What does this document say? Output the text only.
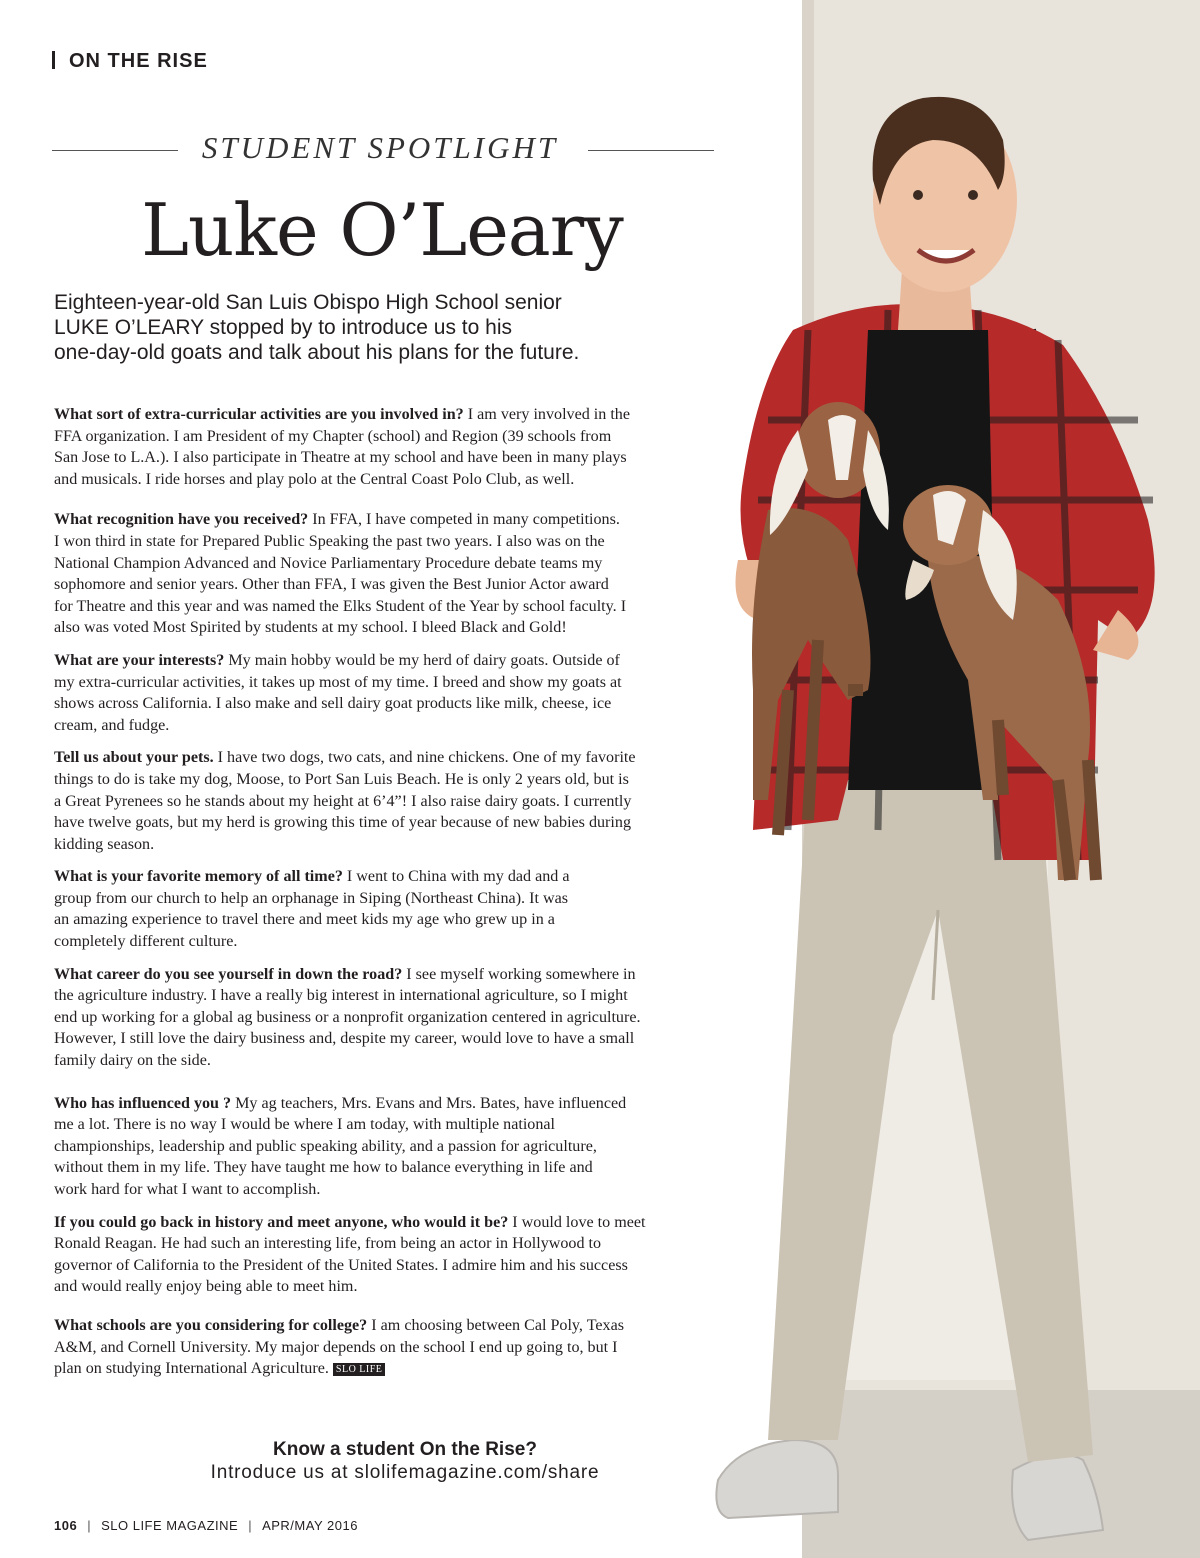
ON THE RISE
STUDENT SPOTLIGHT
Luke O’Leary
Eighteen-year-old San Luis Obispo High School senior
LUKE O’LEARY stopped by to introduce us to his
one-day-old goats and talk about his plans for the future.

What sort of extra-curricular activities are you involved in? I am very involved in the
FFA organization. I am President of my Chapter (school) and Region (39 schools from
San Jose to L.A.). I also participate in Theatre at my school and have been in many plays
and musicals. I ride horses and play polo at the Central Coast Polo Club, as well.

What recognition have you received? In FFA, I have competed in many competitions.
I won third in state for Prepared Public Speaking the past two years. I also was on the
National Champion Advanced and Novice Parliamentary Procedure debate teams my
sophomore and senior years. Other than FFA, I was given the Best Junior Actor award
for Theatre and this year and was named the Elks Student of the Year by school faculty. I
also was voted Most Spirited by students at my school. I bleed Black and Gold!

What are your interests? My main hobby would be my herd of dairy goats. Outside of
my extra-curricular activities, it takes up most of my time. I breed and show my goats at
shows across California. I also make and sell dairy goat products like milk, cheese, ice
cream, and fudge.

Tell us about your pets. I have two dogs, two cats, and nine chickens. One of my favorite
things to do is take my dog, Moose, to Port San Luis Beach. He is only 2 years old, but is
a Great Pyrenees so he stands about my height at 6’4”! I also raise dairy goats. I currently
have twelve goats, but my herd is growing this time of year because of new babies during
kidding season.

What is your favorite memory of all time? I went to China with my dad and a
group from our church to help an orphanage in Siping (Northeast China). It was
an amazing experience to travel there and meet kids my age who grew up in a
completely different culture.

What career do you see yourself in down the road? I see myself working somewhere in
the agriculture industry. I have a really big interest in international agriculture, so I might
end up working for a global ag business or a nonprofit organization centered in agriculture.
However, I still love the dairy business and, despite my career, would love to have a small
family dairy on the side.

Who has influenced you ? My ag teachers, Mrs. Evans and Mrs. Bates, have influenced
me a lot. There is no way I would be where I am today, with multiple national
championships, leadership and public speaking ability, and a passion for agriculture,
without them in my life. They have taught me how to balance everything in life and
work hard for what I want to accomplish.

If you could go back in history and meet anyone, who would it be? I would love to meet
Ronald Reagan. He had such an interesting life, from being an actor in Hollywood to
governor of California to the President of the United States. I admire him and his success
and would really enjoy being able to meet him.

What schools are you considering for college? I am choosing between Cal Poly, Texas
A&M, and Cornell University. My major depends on the school I end up going to, but I
plan on studying International Agriculture. SLO LIFE

Know a student On the Rise?
Introduce us at slolifemagazine.com/share
106 | SLO LIFE MAGAZINE | APR/MAY 2016
